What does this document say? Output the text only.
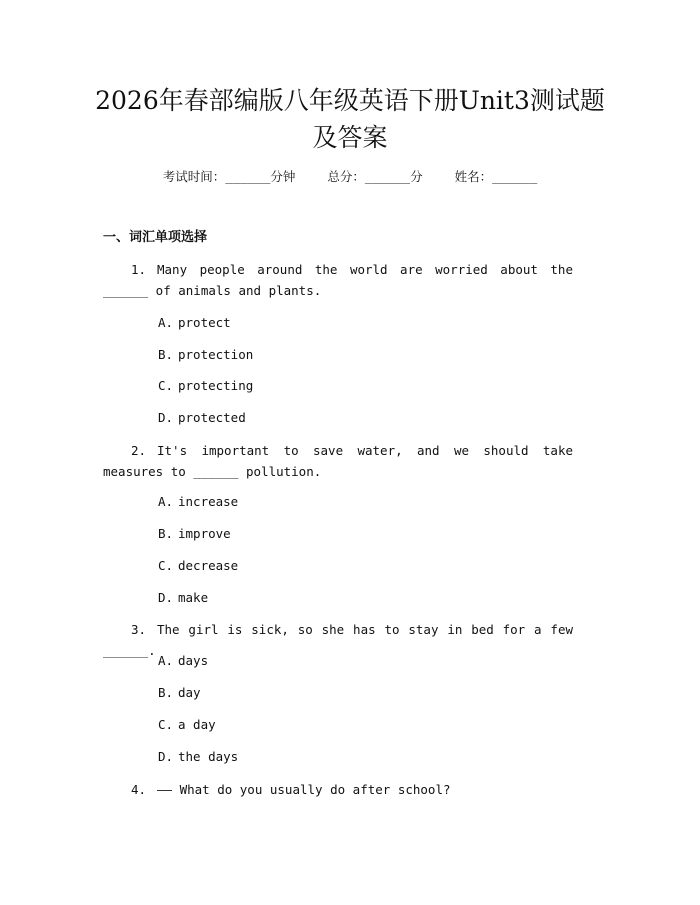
2026年春部编版八年级英语下册Unit3测试题及答案
考试时间：______分钟	总分：______分	姓名：______
一、词汇单项选择
1. Many people around the world are worried about the ______ of animals and plants.
A. protect
B. protection
C. protecting
D. protected
2. It's important to save water, and we should take measures to ______ pollution.
A. increase
B. improve
C. decrease
D. make
3. The girl is sick, so she has to stay in bed for a few ______.
A. days
B. day
C. a day
D. the days
4. —— What do you usually do after school?
